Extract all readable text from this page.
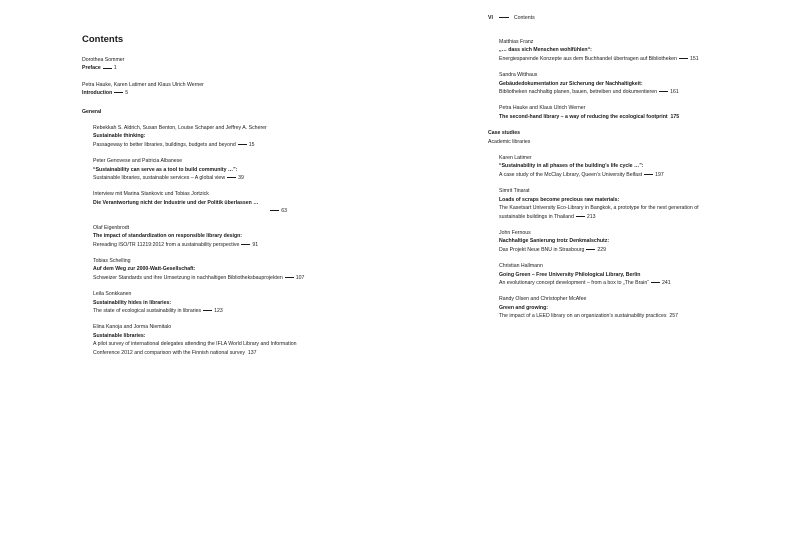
VI	Contents
Contents
Dorothea Sommer
Preface	1
Petra Hauke, Karen Latimer and Klaus Ulrich Werner
Introduction	5
General
Rebekkah S. Aldrich, Susan Benton, Louise Schaper and Jeffrey A. Scherer
Sustainable thinking:
Passageway to better libraries, buildings, budgets and beyond	15
Peter Genovese and Patricia Albanese
“Sustainability can serve as a tool to build community …”:
Sustainable libraries, sustainable services – A global view	39
Interview mit Marina Stankovic und Tobias Jortzick
Die Verantwortung nicht der Industrie und der Politik überlassen …
63
Olaf Eigenbrodt
The impact of standardization on responsible library design:
Rereading ISO/TR 11219:2012 from a sustainability perspective	91
Tobias Schelling
Auf dem Weg zur 2000-Watt-Gesellschaft:
Schweizer Standards und ihre Umsetzung in nachhaltigen Bibliotheksbauprojekten	107
Leila Sonkkanen
Sustainability hides in libraries:
The state of ecological sustainability in libraries	123
Elina Kanoja and Jorma Niemitalo
Sustainable libraries:
A pilot survey of international delegates attending the IFLA World Library and Information Conference 2012 and comparison with the Finnish national survey 137
Matthias Franz
„… dass sich Menschen wohlfühlen“:
Energiesparende Konzepte aus dem Buchhandel übertragen auf Bibliotheken	151
Sandra Witthaus
Gebäudedokumentation zur Sicherung der Nachhaltigkeit:
Bibliotheken nachhaltig planen, bauen, betreiben und dokumentieren	161
Petra Hauke and Klaus Ulrich Werner
The second-hand library – a way of reducing the ecological footprint 175
Case studies
Academic libraries
Karen Latimer
“Sustainability in all phases of the building’s life cycle …”:
A case study of the McClay Library, Queen’s University Belfast	197
Simrit Tinarat
Loads of scraps become precious raw materials:
The Kasetsart University Eco-Library in Bangkok, a prototype for the next generation of sustainable buildings in Thailand	213
John Fernous
Nachhaltige Sanierung trotz Denkmalschutz:
Das Projekt Neue BNU in Strasbourg	229
Christian Hallmann
Going Green – Free University Philological Library, Berlin
An evolutionary concept development – from a box to „The Brain“	241
Randy Olsen and Christopher McAfee
Green and growing:
The impact of a LEED library on an organization’s sustainability practices 257
